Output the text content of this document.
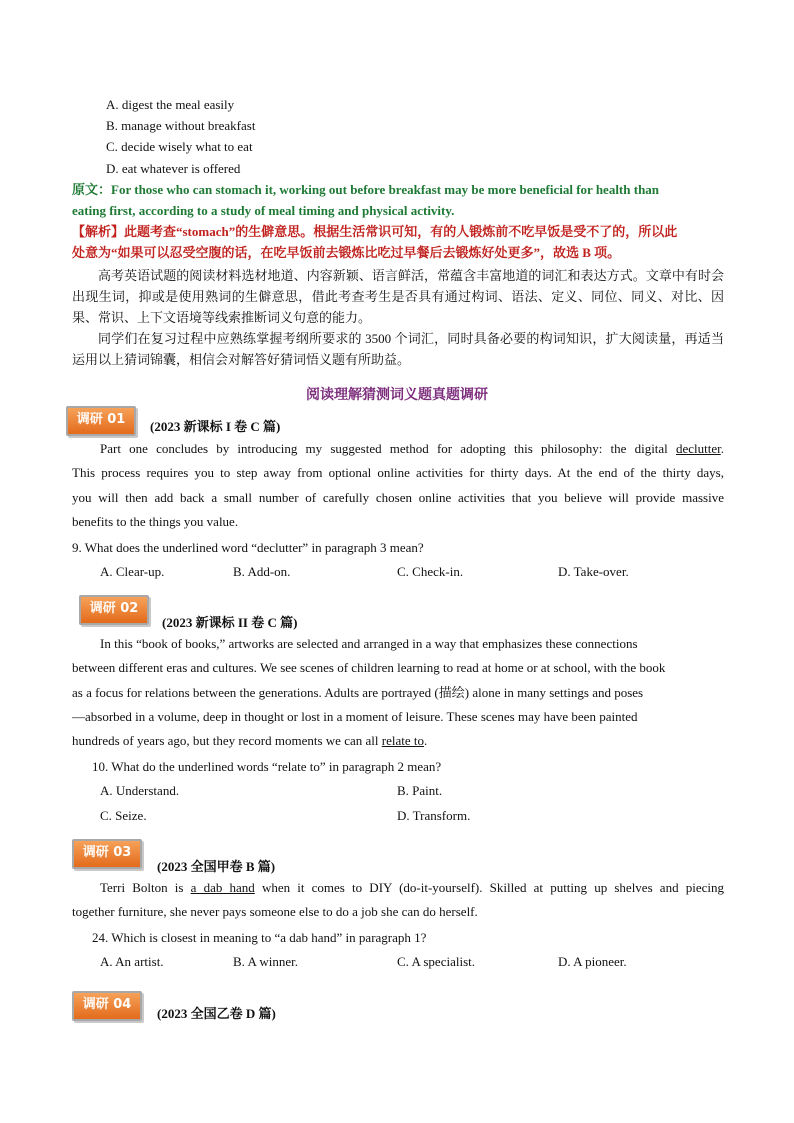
A. digest the meal easily
B. manage without breakfast
C. decide wisely what to eat
D. eat whatever is offered
原文：For those who can stomach it, working out before breakfast may be more beneficial for health than
eating first, according to a study of meal timing and physical activity.
【解析】此题考查“stomach”的生僻意思。根据生活常识可知，有的人锻炼前不吃早饭是受不了的，所以此
处意为“如果可以忍受空腹的话，在吃早饭前去锻炼比吃过早餐后去锻炼好处更多”，故选 B 项。

高考英语试题的阅读材料选材地道、内容新颖、语言鲜活，常蕴含丰富地道的词汇和表达方式。文章中有时会出现生词，抑或是使用熟词的生僻意思，借此考查考生是否具有通过构词、语法、定义、同位、同义、对比、因果、常识、上下文语境等线索推断词义句意的能力。

同学们在复习过程中应熟练掌握考纲所要求的 3500 个词汇，同时具备必要的构词知识，扩大阅读量，再适当运用以上猜词锦囊，相信会对解答好猜词悟义题有所助益。

阅读理解猜测词义题真题调研
调研 01	(2023 新课标 I 卷 C 篇)
Part one concludes by introducing my suggested method for adopting this philosophy: the digital declutter.
This process requires you to step away from optional online activities for thirty days. At the end of the thirty days,
you will then add back a small number of carefully chosen online activities that you believe will provide massive
benefits to the things you value.
9. What does the underlined word “declutter” in paragraph 3 mean?
A. Clear-up.	B. Add-on.	C. Check-in.	D. Take-over.
调研 02
(2023 新课标 II 卷 C 篇)
In this “book of books,” artworks are selected and arranged in a way that emphasizes these connections
between different eras and cultures. We see scenes of children learning to read at home or at school, with the book
as a focus for relations between the generations. Adults are portrayed (描绘) alone in many settings and poses
—absorbed in a volume, deep in thought or lost in a moment of leisure. These scenes may have been painted
hundreds of years ago, but they record moments we can all relate to.
10. What do the underlined words “relate to” in paragraph 2 mean?
A. Understand.	B. Paint.
C. Seize.	D. Transform.
调研 03
(2023 全国甲卷 B 篇)
Terri Bolton is a dab hand when it comes to DIY (do-it-yourself). Skilled at putting up shelves and piecing
together furniture, she never pays someone else to do a job she can do herself.
24. Which is closest in meaning to “a dab hand” in paragraph 1?
A. An artist.	B. A winner.	C. A specialist.	D. A pioneer.
调研 04
(2023 全国乙卷 D 篇)
